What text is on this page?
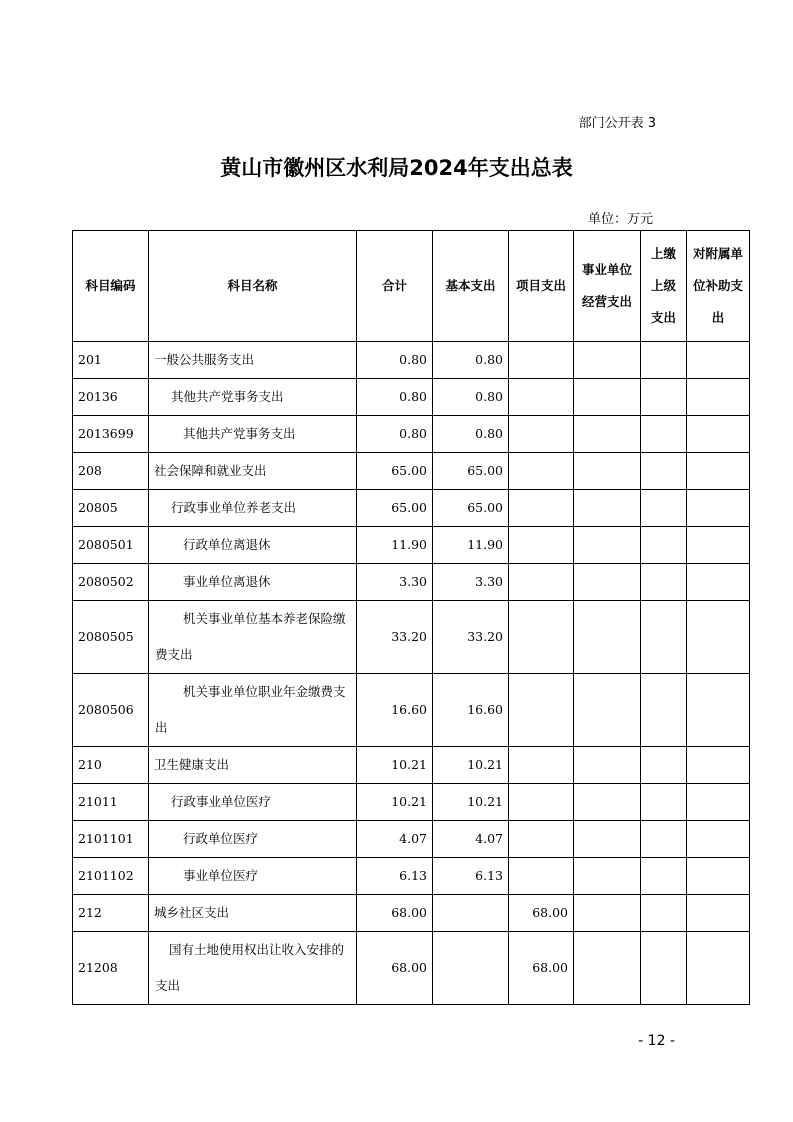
部门公开表 3
黄山市徽州区水利局2024年支出总表
单位：万元
科目编码	科目名称	合计	基本支出	项目支出	事业单位经营支出	上缴上级支出	对附属单位补助支出
201	一般公共服务支出	0.80	0.80				
20136	其他共产党事务支出	0.80	0.80				
2013699	其他共产党事务支出	0.80	0.80				
208	社会保障和就业支出	65.00	65.00				
20805	行政事业单位养老支出	65.00	65.00				
2080501	行政单位离退休	11.90	11.90				
2080502	事业单位离退休	3.30	3.30				
2080505	机关事业单位基本养老保险缴费支出	33.20	33.20				
2080506	机关事业单位职业年金缴费支出	16.60	16.60				
210	卫生健康支出	10.21	10.21				
21011	行政事业单位医疗	10.21	10.21				
2101101	行政单位医疗	4.07	4.07				
2101102	事业单位医疗	6.13	6.13				
212	城乡社区支出	68.00		68.00			
21208	国有土地使用权出让收入安排的支出	68.00		68.00			
- 12 -
